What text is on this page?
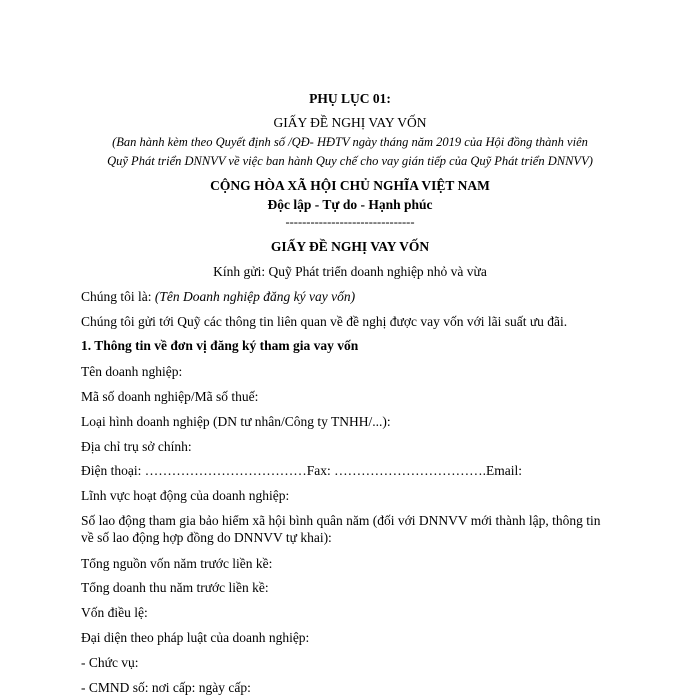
PHỤ LỤC 01:
GIẤY ĐỀ NGHỊ VAY VỐN
(Ban hành kèm theo Quyết định số /QĐ- HĐTV ngày tháng năm 2019 của Hội đồng thành viên
Quỹ Phát triển DNNVV về việc ban hành Quy chế cho vay gián tiếp của Quỹ Phát triển DNNVV)
CỘNG HÒA XÃ HỘI CHỦ NGHĨA VIỆT NAM
Độc lập - Tự do - Hạnh phúc
-------------------------------
GIẤY ĐỀ NGHỊ VAY VỐN
Kính gửi: Quỹ Phát triển doanh nghiệp nhỏ và vừa
Chúng tôi là: (Tên Doanh nghiệp đăng ký vay vốn)
Chúng tôi gửi tới Quỹ các thông tin liên quan về đề nghị được vay vốn với lãi suất ưu đãi.
1. Thông tin về đơn vị đăng ký tham gia vay vốn
Tên doanh nghiệp:
Mã số doanh nghiệp/Mã số thuế:
Loại hình doanh nghiệp (DN tư nhân/Công ty TNHH/...):
Địa chỉ trụ sở chính:
Điện thoại: ………………………………Fax: …………………………….Email:
Lĩnh vực hoạt động của doanh nghiệp:
Số lao động tham gia bảo hiểm xã hội bình quân năm (đối với DNNVV mới thành lập, thông tin
về số lao động hợp đồng do DNNVV tự khai):
Tổng nguồn vốn năm trước liền kề:
Tổng doanh thu năm trước liền kề:
Vốn điều lệ:
Đại diện theo pháp luật của doanh nghiệp:
- Chức vụ:
- CMND số: nơi cấp: ngày cấp:
